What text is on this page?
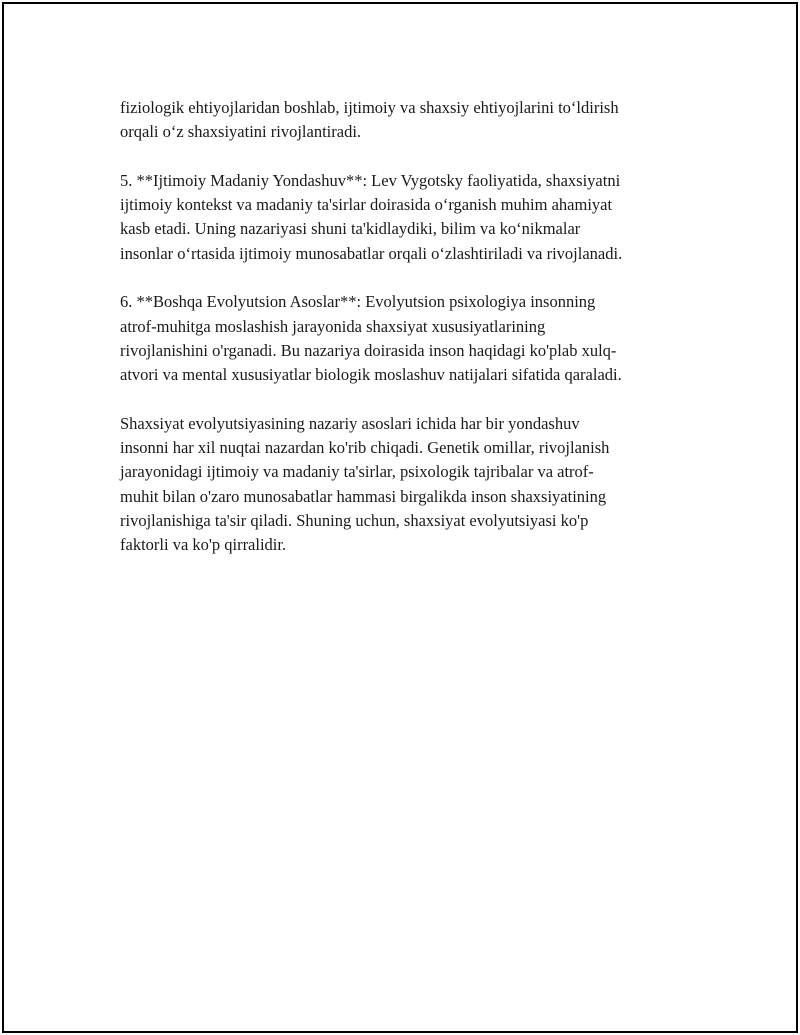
fiziologik ehtiyojlaridan boshlab, ijtimoiy va shaxsiy ehtiyojlarini to‘ldirish
orqali o‘z shaxsiyatini rivojlantiradi.

5. **Ijtimoiy Madaniy Yondashuv**: Lev Vygotsky faoliyatida, shaxsiyatni
ijtimoiy kontekst va madaniy ta'sirlar doirasida o‘rganish muhim ahamiyat
kasb etadi. Uning nazariyasi shuni ta'kidlaydiki, bilim va ko‘nikmalar
insonlar o‘rtasida ijtimoiy munosabatlar orqali o‘zlashtiriladi va rivojlanadi.

6. **Boshqa Evolyutsion Asoslar**: Evolyutsion psixologiya insonning
atrof-muhitga moslashish jarayonida shaxsiyat xususiyatlarining
rivojlanishini o'rganadi. Bu nazariya doirasida inson haqidagi ko'plab xulq-
atvori va mental xususiyatlar biologik moslashuv natijalari sifatida qaraladi.

Shaxsiyat evolyutsiyasining nazariy asoslari ichida har bir yondashuv
insonni har xil nuqtai nazardan ko'rib chiqadi. Genetik omillar, rivojlanish
jarayonidagi ijtimoiy va madaniy ta'sirlar, psixologik tajribalar va atrof-
muhit bilan o'zaro munosabatlar hammasi birgalikda inson shaxsiyatining
rivojlanishiga ta'sir qiladi. Shuning uchun, shaxsiyat evolyutsiyasi ko'p
faktorli va ko'p qirralidir.
